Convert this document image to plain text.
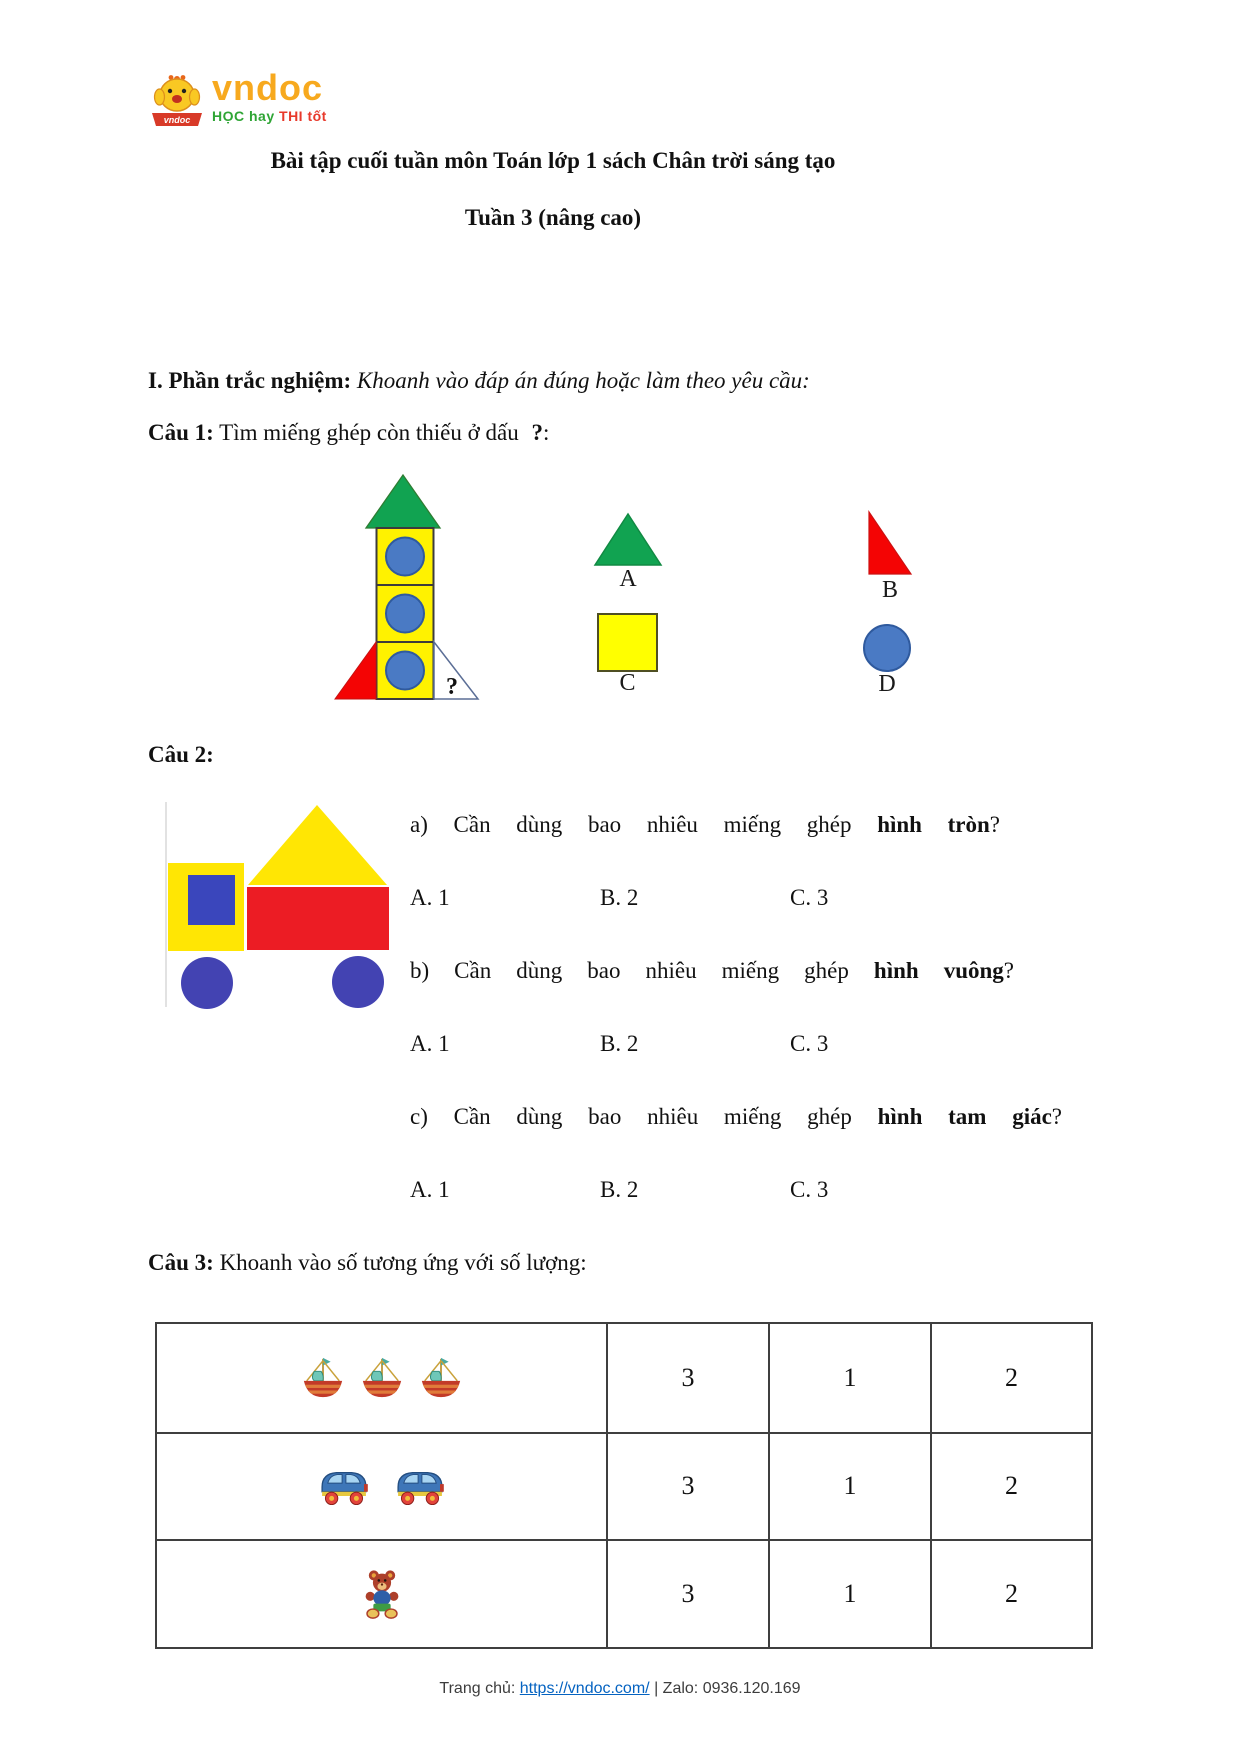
vndoc
vndoc
HỌC hay THI tốt
Bài tập cuối tuần môn Toán lớp 1 sách Chân trời sáng tạo
Tuần 3 (nâng cao)
I. Phần trắc nghiệm: Khoanh vào đáp án đúng hoặc làm theo yêu cầu:
Câu 1: Tìm miếng ghép còn thiếu ở dấu ?:
?
A	B
C	D
Câu 2:
a) Cần dùng bao nhiêu miếng ghép hình tròn?
A. 1	B. 2	C. 3
b) Cần dùng bao nhiêu miếng ghép hình vuông?
A. 1	B. 2	C. 3
c) Cần dùng bao nhiêu miếng ghép hình tam giác?
A. 1	B. 2	C. 3
Câu 3: Khoanh vào số tương ứng với số lượng:
3	1	2
3	1	2
3	1	2
Trang chủ: https://vndoc.com/ | Zalo: 0936.120.169
